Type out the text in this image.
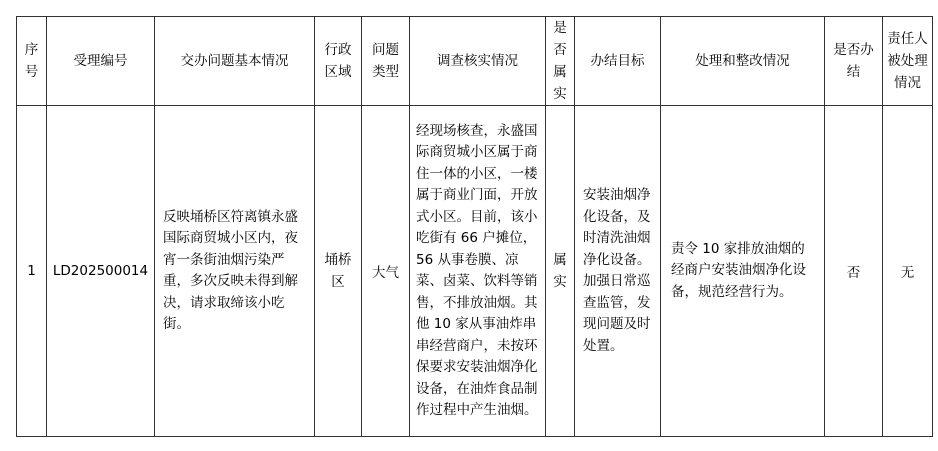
序号	受理编号	交办问题基本情况	行政区域	问题类型	调查核实情况	是否属实	办结目标	处理和整改情况	是否办结	责任人被处理情况
1	LD202500014	反映埇桥区符离镇永盛国际商贸城小区内，夜宵一条街油烟污染严重，多次反映未得到解决，请求取缔该小吃街。	埇桥区	大气	经现场核查，永盛国际商贸城小区属于商住一体的小区，一楼属于商业门面，开放式小区。目前，该小吃街有 66 户摊位，56 从事卷膜、凉菜、卤菜、饮料等销售，不排放油烟。其他 10 家从事油炸串串经营商户，未按环保要求安装油烟净化设备，在油炸食品制作过程中产生油烟。	属实	安装油烟净化设备，及时清洗油烟净化设备。加强日常巡查监管，发现问题及时处置。	责令 10 家排放油烟的经商户安装油烟净化设备，规范经营行为。	否	无
